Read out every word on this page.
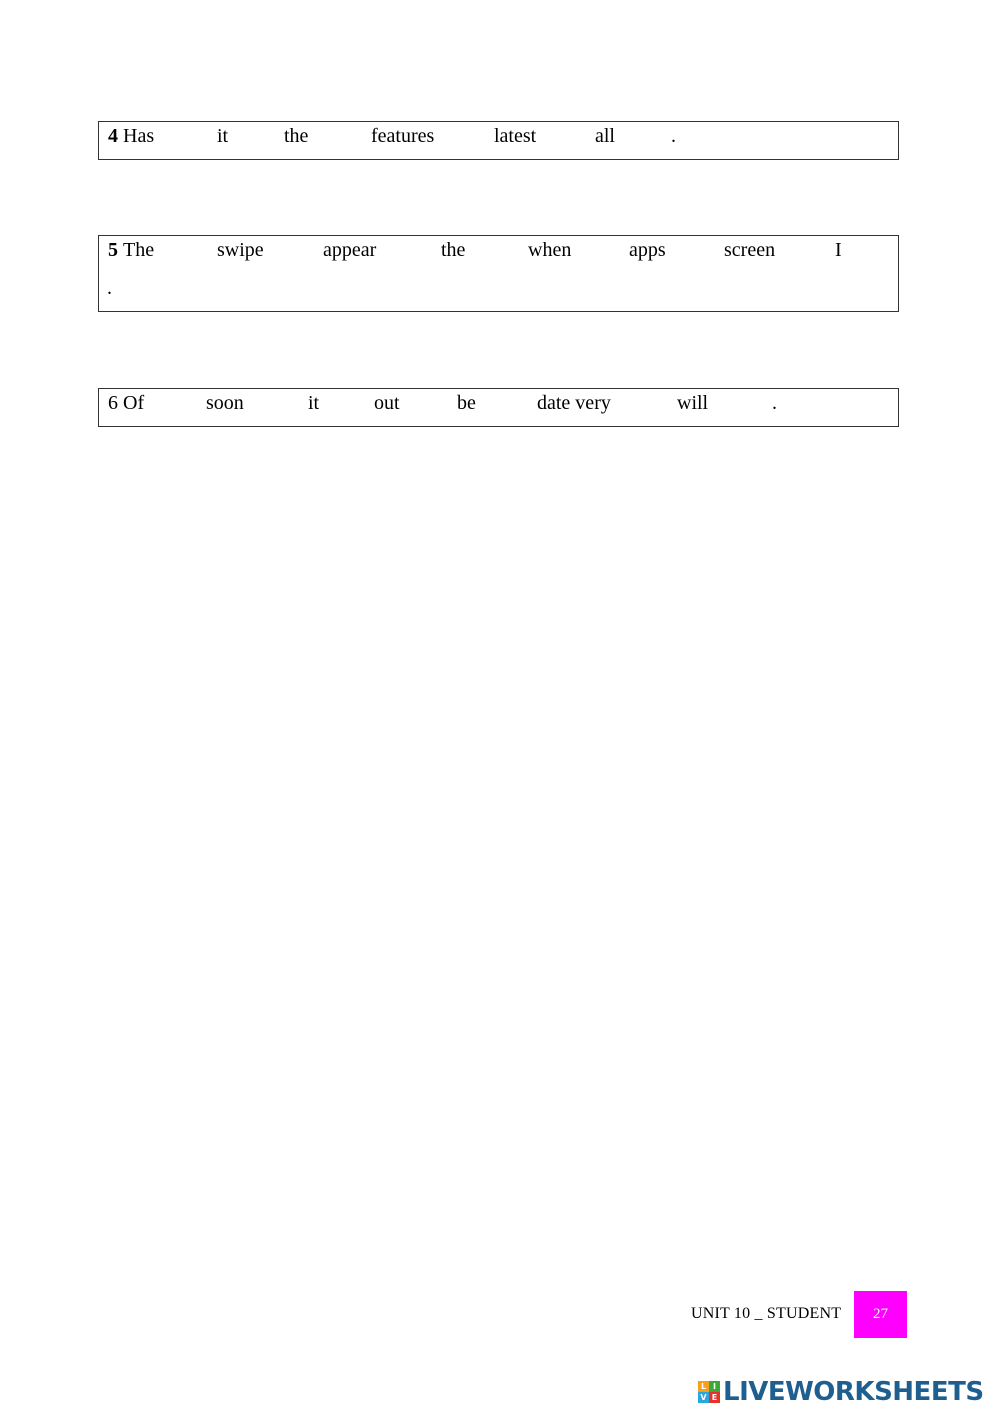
4 Has	it	the	features	latest	all	.
5 The	swipe	appear	the	when	apps	screen	I
.
6 Of	soon	it	out	be	date very	will	.
UNIT 10 _ STUDENT	27
L I
V E LIVEWORKSHEETS
